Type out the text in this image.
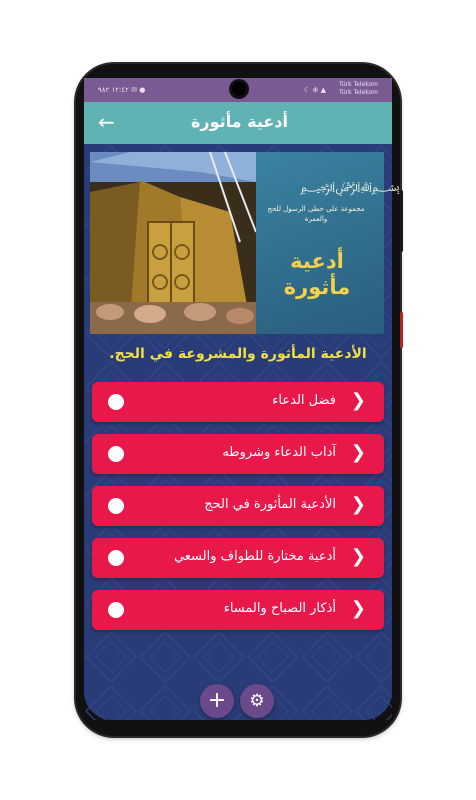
١٢:٤٢ ٩٨٢ ✉ ●	☾ ⊕ ▲
Türk Telekom
Türk Telekom
←	أدعية مأثورة
﷽
مجموعة على خطى الرسول للحج والعمرة
أدعية مأثورة
الأدعية المأثورة والمشروعة في الحج.
❯
فضل الدعاء
❯
آداب الدعاء وشروطه
❯
الأدعية المأثورة في الحج
❯
أدعية مختارة للطواف والسعي
❯
أذكار الصباح والمساء
+	⚙
